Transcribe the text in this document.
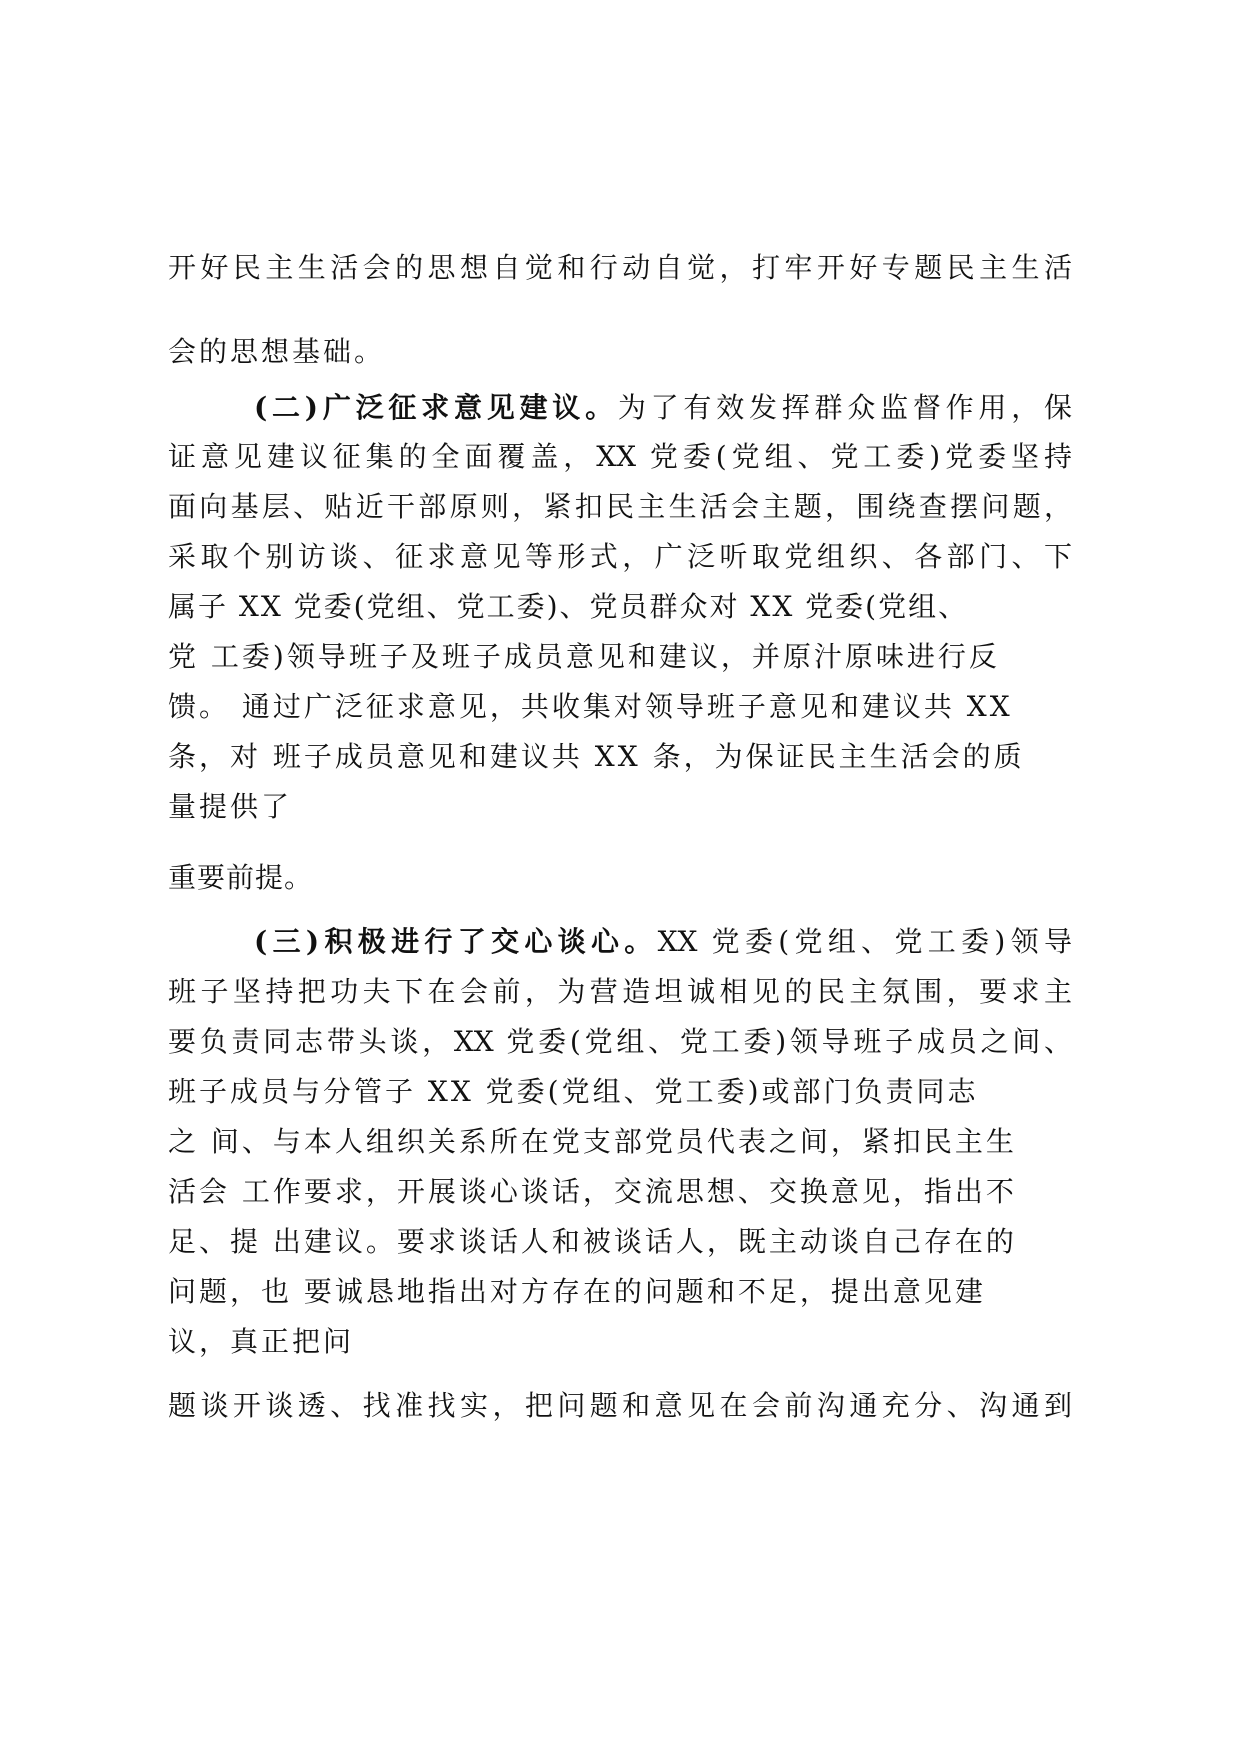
开好民主生活会的思想自觉和行动自觉，打牢开好专题民主生活
会的思想基础。
(二)广泛征求意见建议。为了有效发挥群众监督作用，保
证意见建议征集的全面覆盖，XX 党委(党组、党工委)党委坚持
面向基层、贴近干部原则，紧扣民主生活会主题，围绕查摆问题，
采取个别访谈、征求意见等形式，广泛听取党组织、各部门、下
属子 XX 党委(党组、党工委)、党员群众对 XX 党委(党组、
党 工委)领导班子及班子成员意见和建议，并原汁原味进行反
馈。 通过广泛征求意见，共收集对领导班子意见和建议共 XX
条，对 班子成员意见和建议共 XX 条，为保证民主生活会的质
量提供了
重要前提。
(三)积极进行了交心谈心。XX 党委(党组、党工委)领导
班子坚持把功夫下在会前，为营造坦诚相见的民主氛围，要求主
要负责同志带头谈，XX 党委(党组、党工委)领导班子成员之间、
班子成员与分管子 XX 党委(党组、党工委)或部门负责同志
之 间、与本人组织关系所在党支部党员代表之间，紧扣民主生
活会 工作要求，开展谈心谈话，交流思想、交换意见，指出不
足、提 出建议。要求谈话人和被谈话人，既主动谈自己存在的
问题，也 要诚恳地指出对方存在的问题和不足，提出意见建
议，真正把问
题谈开谈透、找准找实，把问题和意见在会前沟通充分、沟通到
